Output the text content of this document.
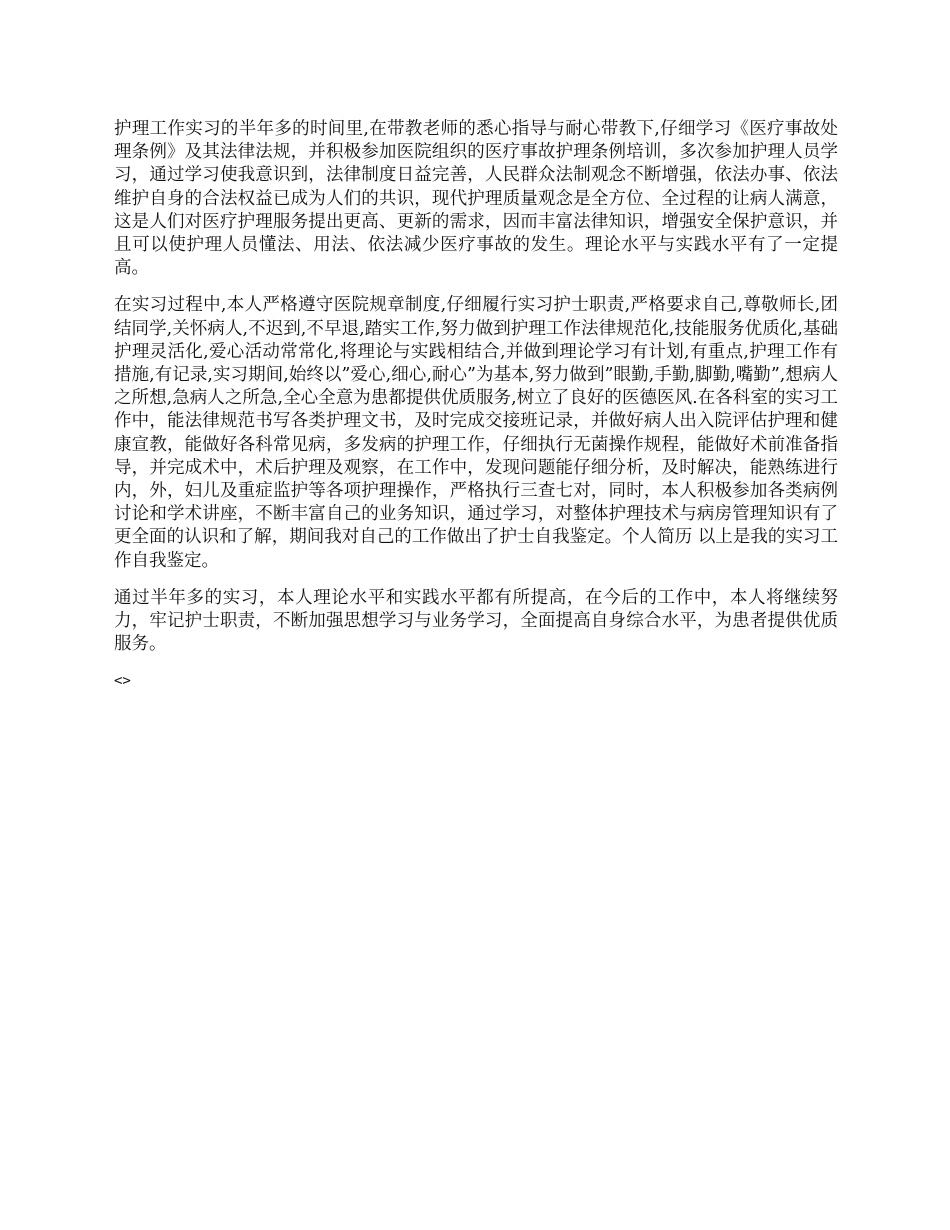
护理工作实习的半年多的时间里,在带教老师的悉心指导与耐心带教下,仔细学习《医疗事故处理条例》及其法律法规，并积极参加医院组织的医疗事故护理条例培训，多次参加护理人员学习，通过学习使我意识到，法律制度日益完善，人民群众法制观念不断增强，依法办事、依法维护自身的合法权益已成为人们的共识，现代护理质量观念是全方位、全过程的让病人满意，这是人们对医疗护理服务提出更高、更新的需求，因而丰富法律知识，增强安全保护意识，并且可以使护理人员懂法、用法、依法减少医疗事故的发生。理论水平与实践水平有了一定提高。

在实习过程中,本人严格遵守医院规章制度,仔细履行实习护士职责,严格要求自己,尊敬师长,团结同学,关怀病人,不迟到,不早退,踏实工作,努力做到护理工作法律规范化,技能服务优质化,基础护理灵活化,爱心活动常常化,将理论与实践相结合,并做到理论学习有计划,有重点,护理工作有措施,有记录,实习期间,始终以”爱心,细心,耐心”为基本,努力做到”眼勤,手勤,脚勤,嘴勤”,想病人之所想,急病人之所急,全心全意为患都提供优质服务,树立了良好的医德医风.在各科室的实习工作中，能法律规范书写各类护理文书，及时完成交接班记录，并做好病人出入院评估护理和健康宣教，能做好各科常见病，多发病的护理工作，仔细执行无菌操作规程，能做好术前准备指导，并完成术中，术后护理及观察，在工作中，发现问题能仔细分析，及时解决，能熟练进行内，外，妇儿及重症监护等各项护理操作，严格执行三查七对，同时，本人积极参加各类病例讨论和学术讲座，不断丰富自己的业务知识，通过学习，对整体护理技术与病房管理知识有了更全面的认识和了解，期间我对自己的工作做出了护士自我鉴定。个人简历 以上是我的实习工作自我鉴定。

通过半年多的实习，本人理论水平和实践水平都有所提高，在今后的工作中，本人将继续努 力，牢记护士职责，不断加强思想学习与业务学习，全面提高自身综合水平，为患者提供优质服务。

<>
